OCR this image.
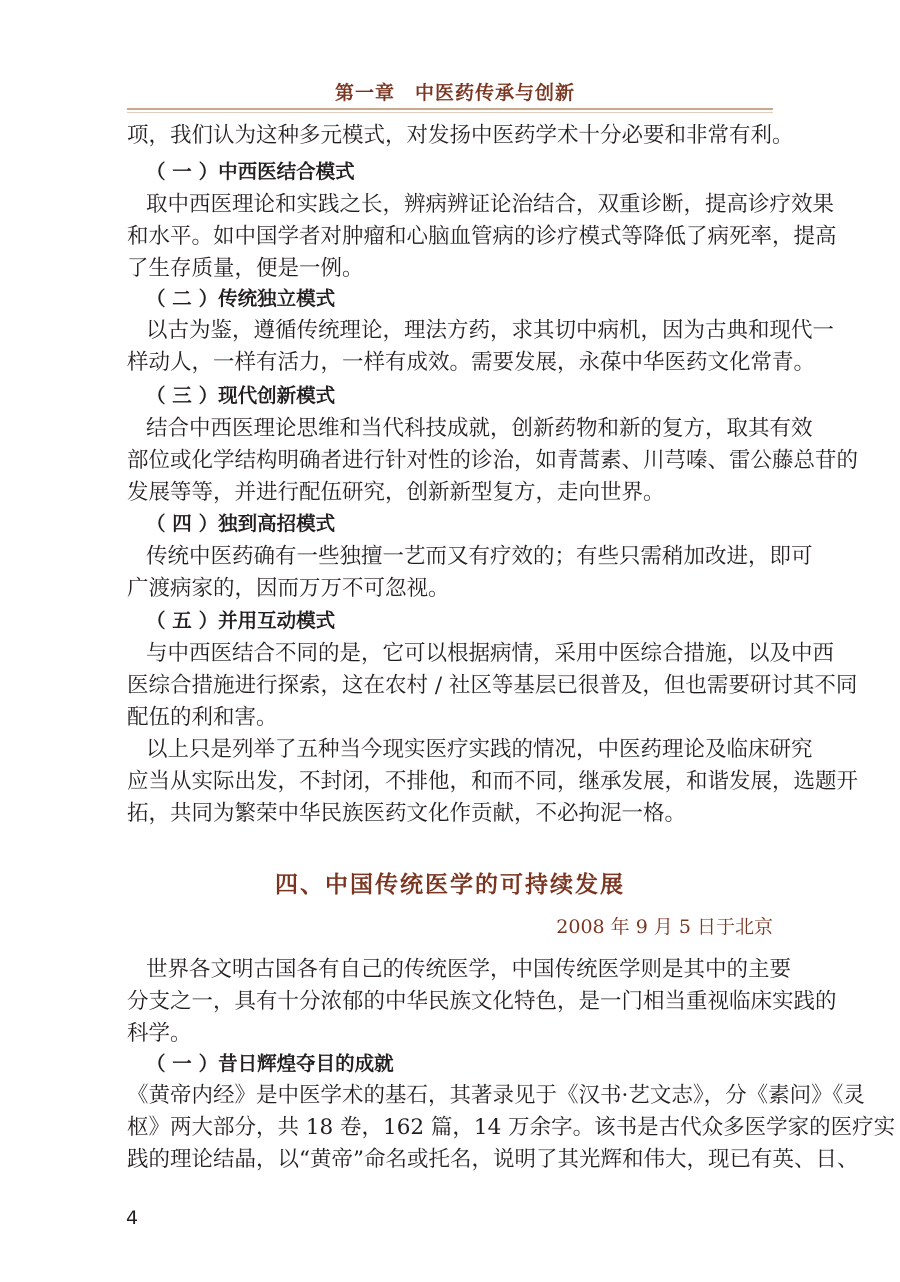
第一章 中医药传承与创新
项，我们认为这种多元模式，对发扬中医药学术十分必要和非常有利。
（ 一 ）中西医结合模式
取中西医理论和实践之长，辨病辨证论治结合，双重诊断，提高诊疗效果
和水平。如中国学者对肿瘤和心脑血管病的诊疗模式等降低了病死率，提高
了生存质量，便是一例。
（ 二 ）传统独立模式
以古为鉴，遵循传统理论，理法方药，求其切中病机，因为古典和现代一
样动人，一样有活力，一样有成效。需要发展，永葆中华医药文化常青。
（ 三 ）现代创新模式
结合中西医理论思维和当代科技成就，创新药物和新的复方，取其有效
部位或化学结构明确者进行针对性的诊治，如青蒿素、川芎嗪、雷公藤总苷的
发展等等，并进行配伍研究，创新新型复方，走向世界。
（ 四 ）独到高招模式
传统中医药确有一些独擅一艺而又有疗效的；有些只需稍加改进，即可
广渡病家的，因而万万不可忽视。
（ 五 ）并用互动模式
与中西医结合不同的是，它可以根据病情，采用中医综合措施，以及中西
医综合措施进行探索，这在农村 / 社区等基层已很普及，但也需要研讨其不同
配伍的利和害。
以上只是列举了五种当今现实医疗实践的情况，中医药理论及临床研究
应当从实际出发，不封闭，不排他，和而不同，继承发展，和谐发展，选题开
拓，共同为繁荣中华民族医药文化作贡献，不必拘泥一格。
四、中国传统医学的可持续发展
2008 年 9 月 5 日于北京
世界各文明古国各有自己的传统医学，中国传统医学则是其中的主要
分支之一，具有十分浓郁的中华民族文化特色，是一门相当重视临床实践的
科学。
（ 一 ）昔日辉煌夺目的成就
《黄帝内经》是中医学术的基石，其著录见于《汉书·艺文志》，分《素问》《灵
枢》两大部分，共 18 卷，162 篇，14 万余字。该书是古代众多医学家的医疗实
践的理论结晶，以“黄帝”命名或托名，说明了其光辉和伟大，现已有英、日、
4
